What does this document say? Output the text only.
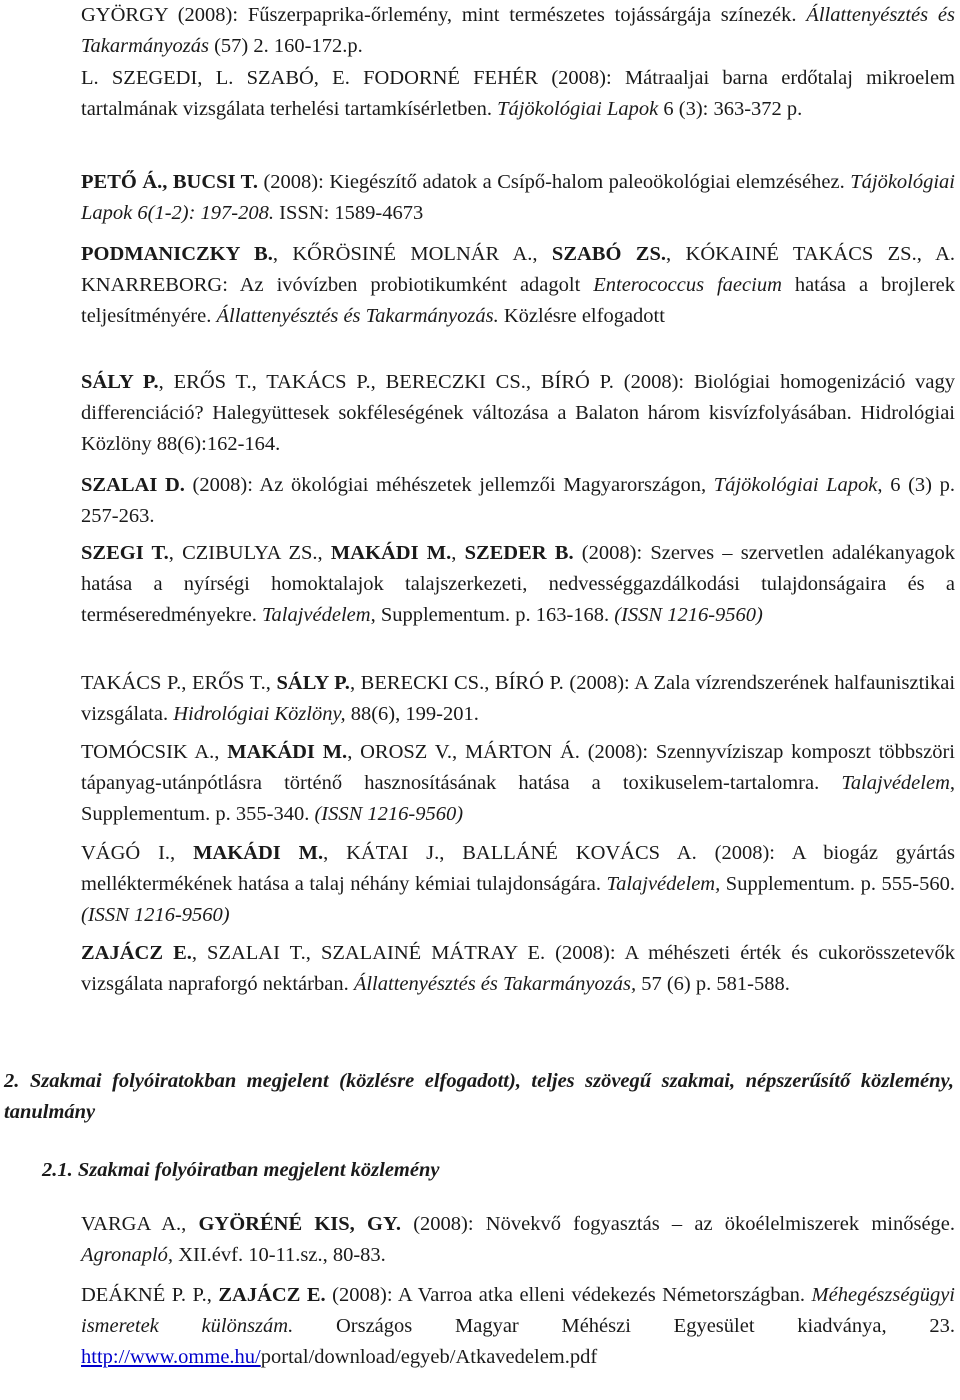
GYÖRGY (2008): Fűszerpaprika-őrlemény, mint természetes tojássárgája színezék. Állattenyésztés és Takarmányozás (57) 2. 160-172.p.

L. SZEGEDI, L. SZABÓ, E. FODORNÉ FEHÉR (2008): Mátraaljai barna erdőtalaj mikroelem tartalmának vizsgálata terhelési tartamkísérletben. Tájökológiai Lapok 6 (3): 363-372 p.

PETŐ Á., BUCSI T. (2008): Kiegészítő adatok a Csípő-halom paleoökológiai elemzéséhez. Tájökológiai Lapok 6(1-2): 197-208. ISSN: 1589-4673

PODMANICZKY B., KŐRÖSINÉ MOLNÁR A., SZABÓ ZS., KÓKAINÉ TAKÁCS ZS., A. KNARREBORG: Az ivóvízben probiotikumként adagolt Enterococcus faecium hatása a brojlerek teljesítményére. Állattenyésztés és Takarmányozás. Közlésre elfogadott

SÁLY P., ERŐS T., TAKÁCS P., BERECZKI CS., BÍRÓ P. (2008): Biológiai homogenizáció vagy differenciáció? Halegyüttesek sokféleségének változása a Balaton három kisvízfolyásában. Hidrológiai Közlöny 88(6):162-164.

SZALAI D. (2008): Az ökológiai méhészetek jellemzői Magyarországon, Tájökológiai Lapok, 6 (3) p. 257-263.

SZEGI T., CZIBULYA ZS., MAKÁDI M., SZEDER B. (2008): Szerves – szervetlen adalékanyagok hatása a nyírségi homoktalajok talajszerkezeti, nedvességgazdálkodási tulajdonságaira és a terméseredményekre. Talajvédelem, Supplementum. p. 163-168. (ISSN 1216-9560)

TAKÁCS P., ERŐS T., SÁLY P., BERECKI CS., BÍRÓ P. (2008): A Zala vízrendszerének halfaunisztikai vizsgálata. Hidrológiai Közlöny, 88(6), 199-201.

TOMÓCSIK A., MAKÁDI M., OROSZ V., MÁRTON Á. (2008): Szennyvíziszap komposzt többszöri tápanyag-utánpótlásra történő hasznosításának hatása a toxikuselem-tartalomra. Talajvédelem, Supplementum. p. 355-340. (ISSN 1216-9560)

VÁGÓ I., MAKÁDI M., KÁTAI J., BALLÁNÉ KOVÁCS A. (2008): A biogáz gyártás melléktermékének hatása a talaj néhány kémiai tulajdonságára. Talajvédelem, Supplementum. p. 555-560. (ISSN 1216-9560)

ZAJÁCZ E., SZALAI T., SZALAINÉ MÁTRAY E. (2008): A méhészeti érték és cukorösszetevők vizsgálata napraforgó nektárban. Állattenyésztés és Takarmányozás, 57 (6) p. 581-588.

2. Szakmai folyóiratokban megjelent (közlésre elfogadott), teljes szövegű szakmai, népszerűsítő közlemény, tanulmány
2.1. Szakmai folyóiratban megjelent közlemény

VARGA A., GYÖRÉNÉ KIS, GY. (2008): Növekvő fogyasztás – az ökoélelmiszerek minősége. Agronapló, XII.évf. 10-11.sz., 80-83.

DEÁKNÉ P. P., ZAJÁCZ E. (2008): A Varroa atka elleni védekezés Németországban. Méhegészségügyi ismeretek különszám. Országos Magyar Méhészi Egyesület kiadványa, 23. http://www.omme.hu/portal/download/egyeb/Atkavedelem.pdf
